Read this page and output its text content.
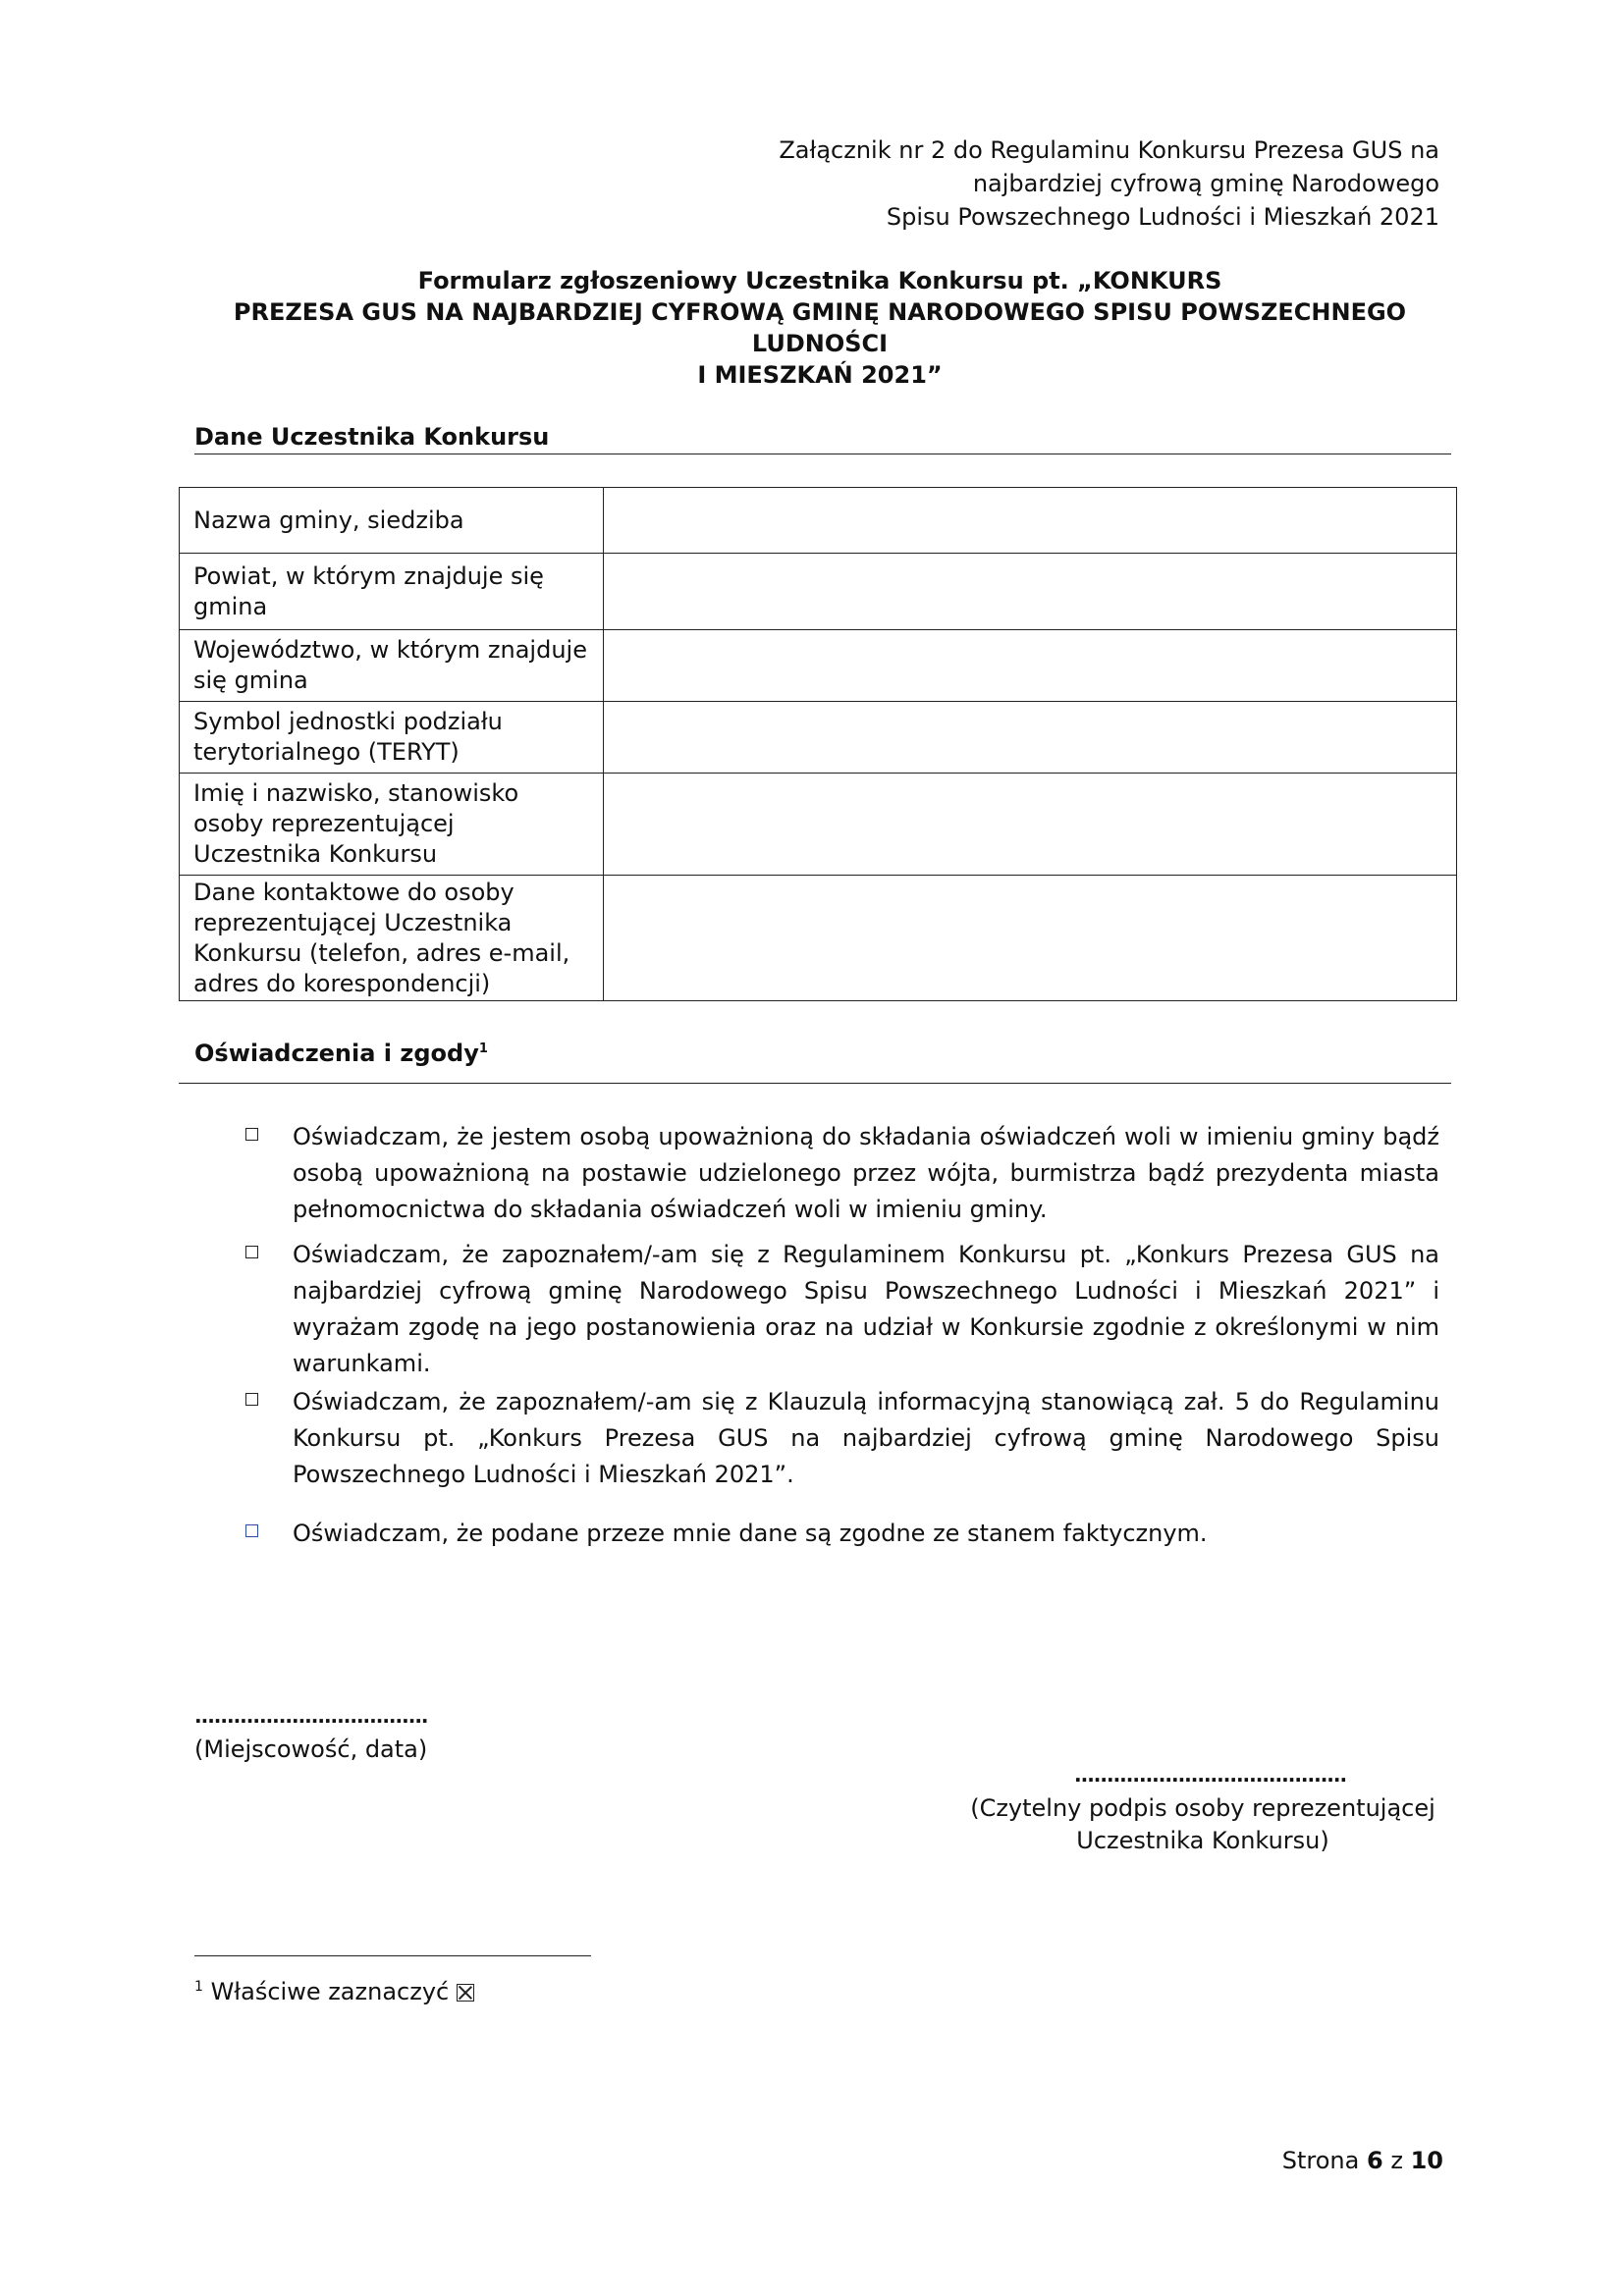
Załącznik nr 2 do Regulaminu Konkursu Prezesa GUS na
najbardziej cyfrową gminę Narodowego
Spisu Powszechnego Ludności i Mieszkań 2021
Formularz zgłoszeniowy Uczestnika Konkursu pt. „KONKURS
PREZESA GUS NA NAJBARDZIEJ CYFROWĄ GMINĘ NARODOWEGO SPISU POWSZECHNEGO LUDNOŚCI
I MIESZKAŃ 2021”
Dane Uczestnika Konkursu
Nazwa gminy, siedziba	
Powiat, w którym znajduje się gmina	
Województwo, w którym znajduje się gmina	
Symbol jednostki podziału terytorialnego (TERYT)	
Imię i nazwisko, stanowisko osoby reprezentującej Uczestnika Konkursu	
Dane kontaktowe do osoby reprezentującej Uczestnika Konkursu (telefon, adres e-mail, adres do korespondencji)	
Oświadczenia i zgody$^1$
Oświadczam, że jestem osobą upoważnioną do składania oświadczeń woli w imieniu gminy bądź osobą upoważnioną na postawie udzielonego przez wójta, burmistrza bądź prezydenta miasta pełnomocnictwa do składania oświadczeń woli w imieniu gminy.
Oświadczam, że zapoznałem/-am się z Regulaminem Konkursu pt. „Konkurs Prezesa GUS na najbardziej cyfrową gminę Narodowego Spisu Powszechnego Ludności i Mieszkań 2021” i wyrażam zgodę na jego postanowienia oraz na udział w Konkursie zgodnie z określonymi w nim warunkami.
Oświadczam, że zapoznałem/-am się z Klauzulą informacyjną stanowiącą zał. 5 do Regulaminu Konkursu pt. „Konkurs Prezesa GUS na najbardziej cyfrową gminę Narodowego Spisu Powszechnego Ludności i Mieszkań 2021”.
Oświadczam, że podane przeze mnie dane są zgodne ze stanem faktycznym.
....................................
(Miejscowość, data)
..........................................
(Czytelny podpis osoby reprezentującej
Uczestnika Konkursu)
$^1$ Właściwe zaznaczyć
Strona 6 z 10
